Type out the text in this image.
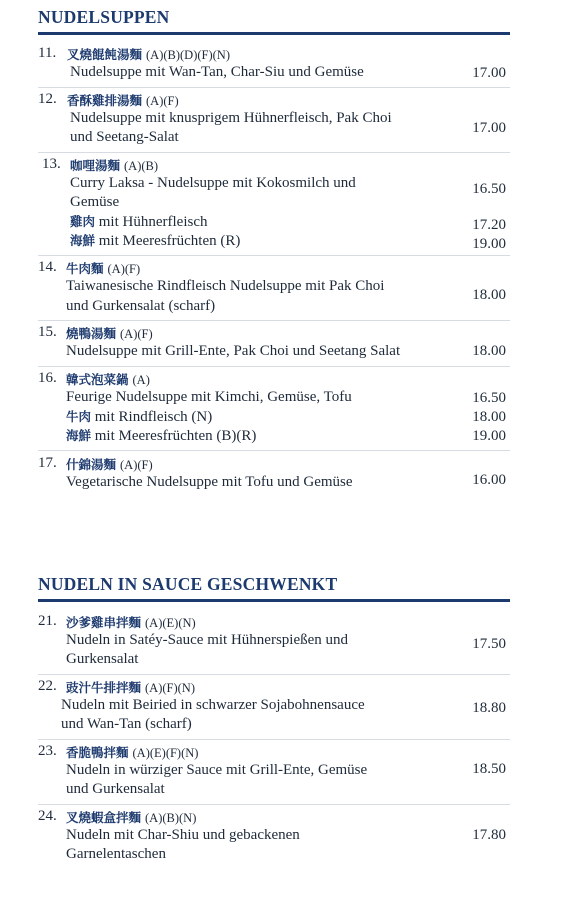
NUDELSUPPEN
11. 叉燒餛飩湯麵 (A)(B)(D)(F)(N)
Nudelsuppe mit Wan-Tan, Char-Siu und Gemüse	17.00
12. 香酥雞排湯麵 (A)(F)
Nudelsuppe mit knusprigem Hühnerfleisch, Pak Choi
und Seetang-Salat
17.00
13. 咖哩湯麵 (A)(B)
Curry Laksa - Nudelsuppe mit Kokosmilch und
Gemüse
16.50
雞肉 mit Hühnerfleisch	17.20
海鮮 mit Meeresfrüchten (R)	19.00
14. 牛肉麵 (A)(F)
Taiwanesische Rindfleisch Nudelsuppe mit Pak Choi
und Gurkensalat (scharf)
18.00
15. 燒鴨湯麵 (A)(F)
Nudelsuppe mit Grill-Ente, Pak Choi und Seetang Salat	18.00
16. 韓式泡菜鍋 (A)
Feurige Nudelsuppe mit Kimchi, Gemüse, Tofu	16.50
牛肉 mit Rindfleisch (N)	18.00
海鮮 mit Meeresfrüchten (B)(R)	19.00
17. 什錦湯麵 (A)(F)
Vegetarische Nudelsuppe mit Tofu und Gemüse	16.00
NUDELN IN SAUCE GESCHWENKT
21. 沙爹雞串拌麵 (A)(E)(N)
Nudeln in Satéy-Sauce mit Hühnerspießen und
Gurkensalat
17.50
22. 豉汁牛排拌麵 (A)(F)(N)
Nudeln mit Beiried in schwarzer Sojabohnensauce
und Wan-Tan (scharf)
18.80
23. 香脆鴨拌麵 (A)(E)(F)(N)
Nudeln in würziger Sauce mit Grill-Ente, Gemüse
und Gurkensalat
18.50
24. 叉燒蝦盒拌麵 (A)(B)(N)
Nudeln mit Char-Shiu und gebackenen
Garnelentaschen
17.80
